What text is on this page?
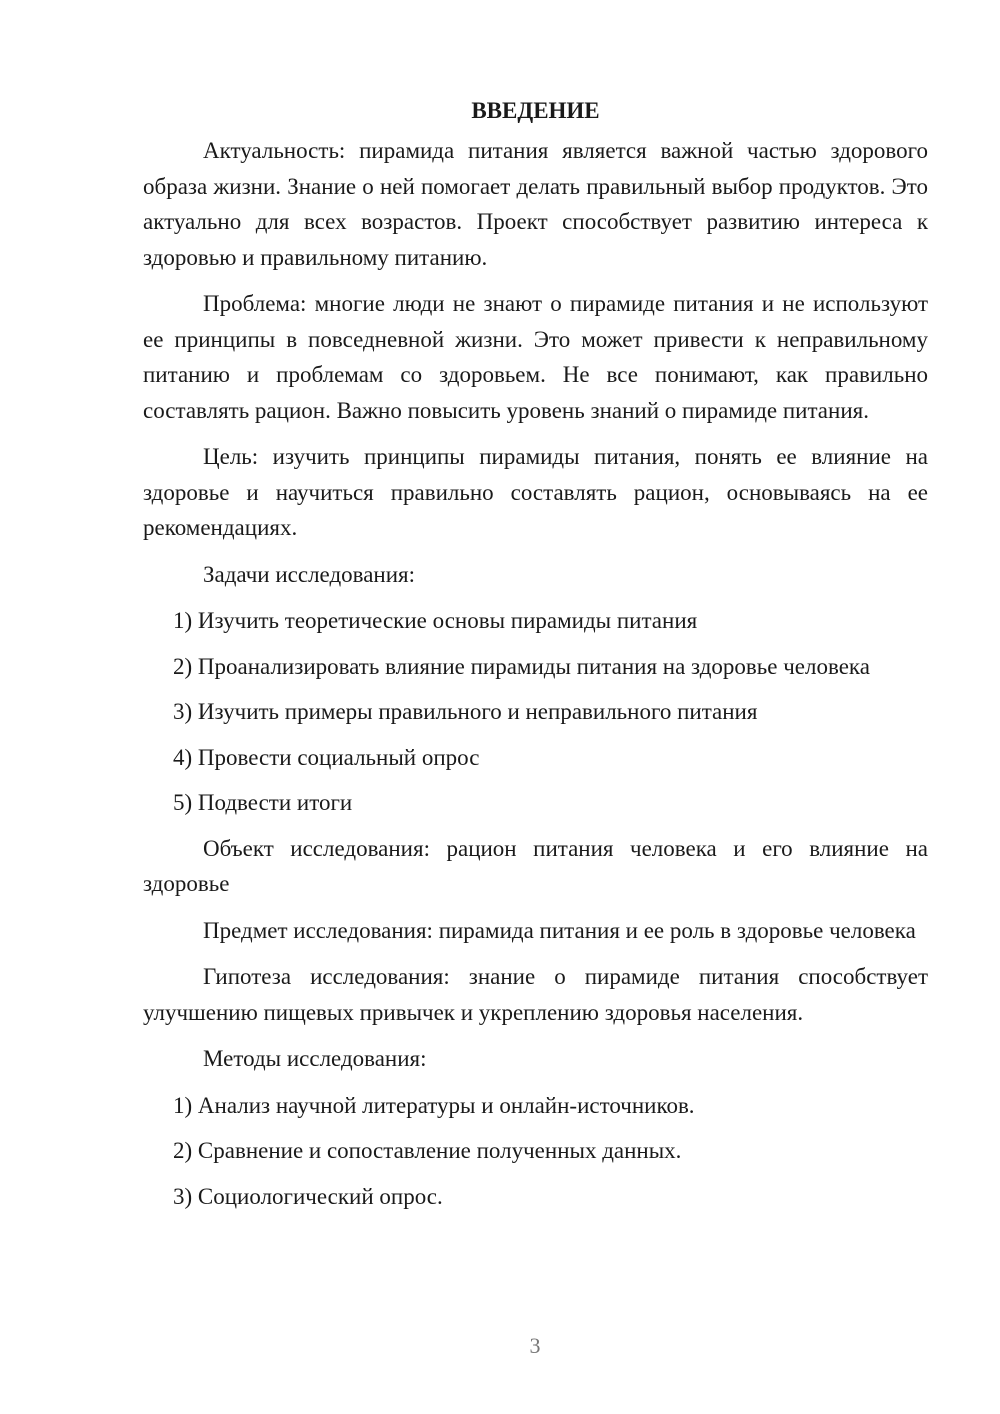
ВВЕДЕНИЕ

Актуальность: пирамида питания является важной частью здорового образа жизни. Знание о ней помогает делать правильный выбор продуктов. Это актуально для всех возрастов. Проект способствует развитию интереса к здоровью и правильному питанию.

Проблема: многие люди не знают о пирамиде питания и не используют ее принципы в повседневной жизни. Это может привести к неправильному питанию и проблемам со здоровьем. Не все понимают, как правильно составлять рацион. Важно повысить уровень знаний о пирамиде питания.

Цель: изучить принципы пирамиды питания, понять ее влияние на здоровье и научиться правильно составлять рацион, основываясь на ее рекомендациях.

Задачи исследования:

1) Изучить теоретические основы пирамиды питания

2) Проанализировать влияние пирамиды питания на здоровье человека

3) Изучить примеры правильного и неправильного питания

4) Провести социальный опрос

5) Подвести итоги

Объект исследования: рацион питания человека и его влияние на здоровье

Предмет исследования: пирамида питания и ее роль в здоровье человека

Гипотеза исследования: знание о пирамиде питания способствует улучшению пищевых привычек и укреплению здоровья населения.

Методы исследования:

1) Анализ научной литературы и онлайн-источников.

2) Сравнение и сопоставление полученных данных.

3) Социологический опрос.

3
